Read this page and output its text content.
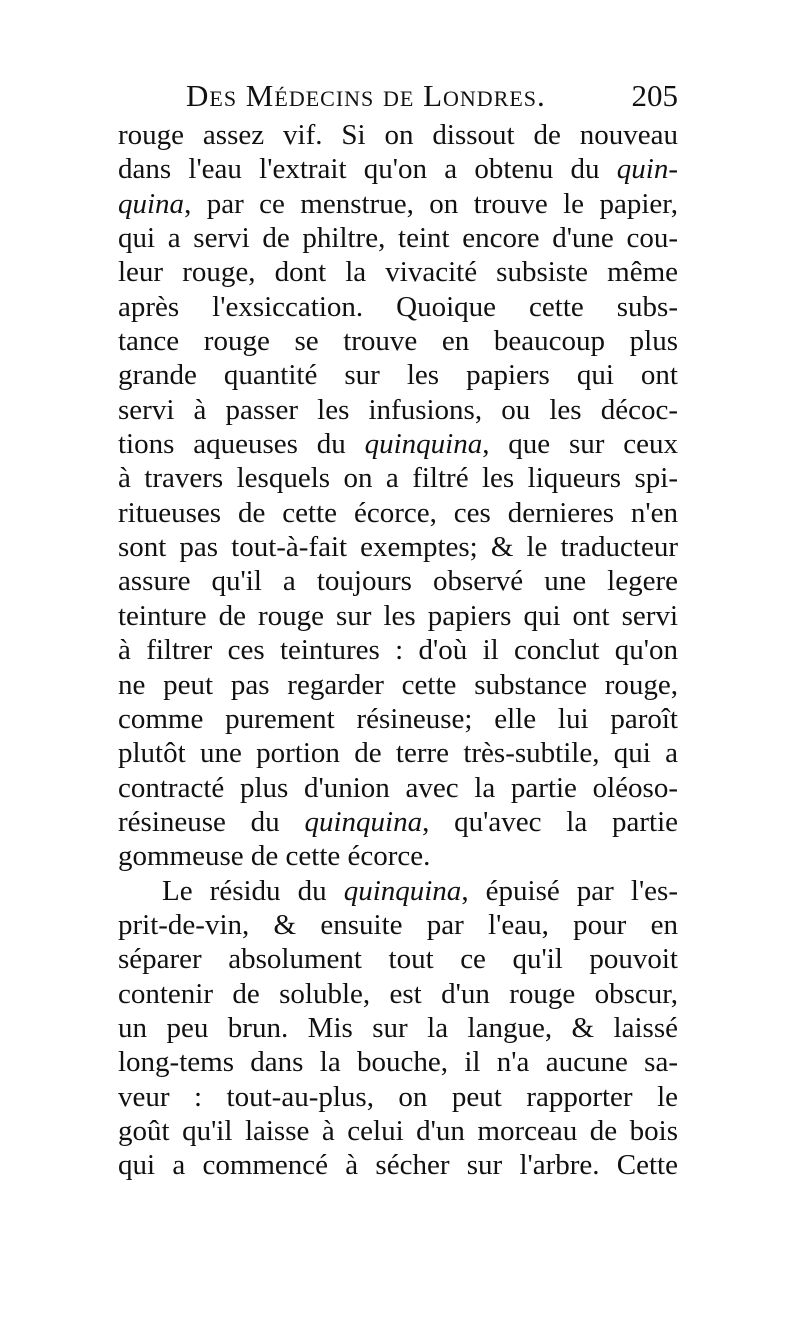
Des Médecins de Londres.	205
rouge assez vif. Si on dissout de nouveau
dans l'eau l'extrait qu'on a obtenu du quin-
quina, par ce menstrue, on trouve le papier,
qui a servi de philtre, teint encore d'une cou-
leur rouge, dont la vivacité subsiste même
après l'exsiccation. Quoique cette subs-
tance rouge se trouve en beaucoup plus
grande quantité sur les papiers qui ont
servi à passer les infusions, ou les décoc-
tions aqueuses du quinquina, que sur ceux
à travers lesquels on a filtré les liqueurs spi-
ritueuses de cette écorce, ces dernieres n'en
sont pas tout-à-fait exemptes; & le traducteur
assure qu'il a toujours observé une legere
teinture de rouge sur les papiers qui ont servi
à filtrer ces teintures : d'où il conclut qu'on
ne peut pas regarder cette substance rouge,
comme purement résineuse; elle lui paroît
plutôt une portion de terre très-subtile, qui a
contracté plus d'union avec la partie oléoso-
résineuse du quinquina, qu'avec la partie
gommeuse de cette écorce.
Le résidu du quinquina, épuisé par l'es-
prit-de-vin, & ensuite par l'eau, pour en
séparer absolument tout ce qu'il pouvoit
contenir de soluble, est d'un rouge obscur,
un peu brun. Mis sur la langue, & laissé
long-tems dans la bouche, il n'a aucune sa-
veur : tout-au-plus, on peut rapporter le
goût qu'il laisse à celui d'un morceau de bois
qui a commencé à sécher sur l'arbre. Cette
